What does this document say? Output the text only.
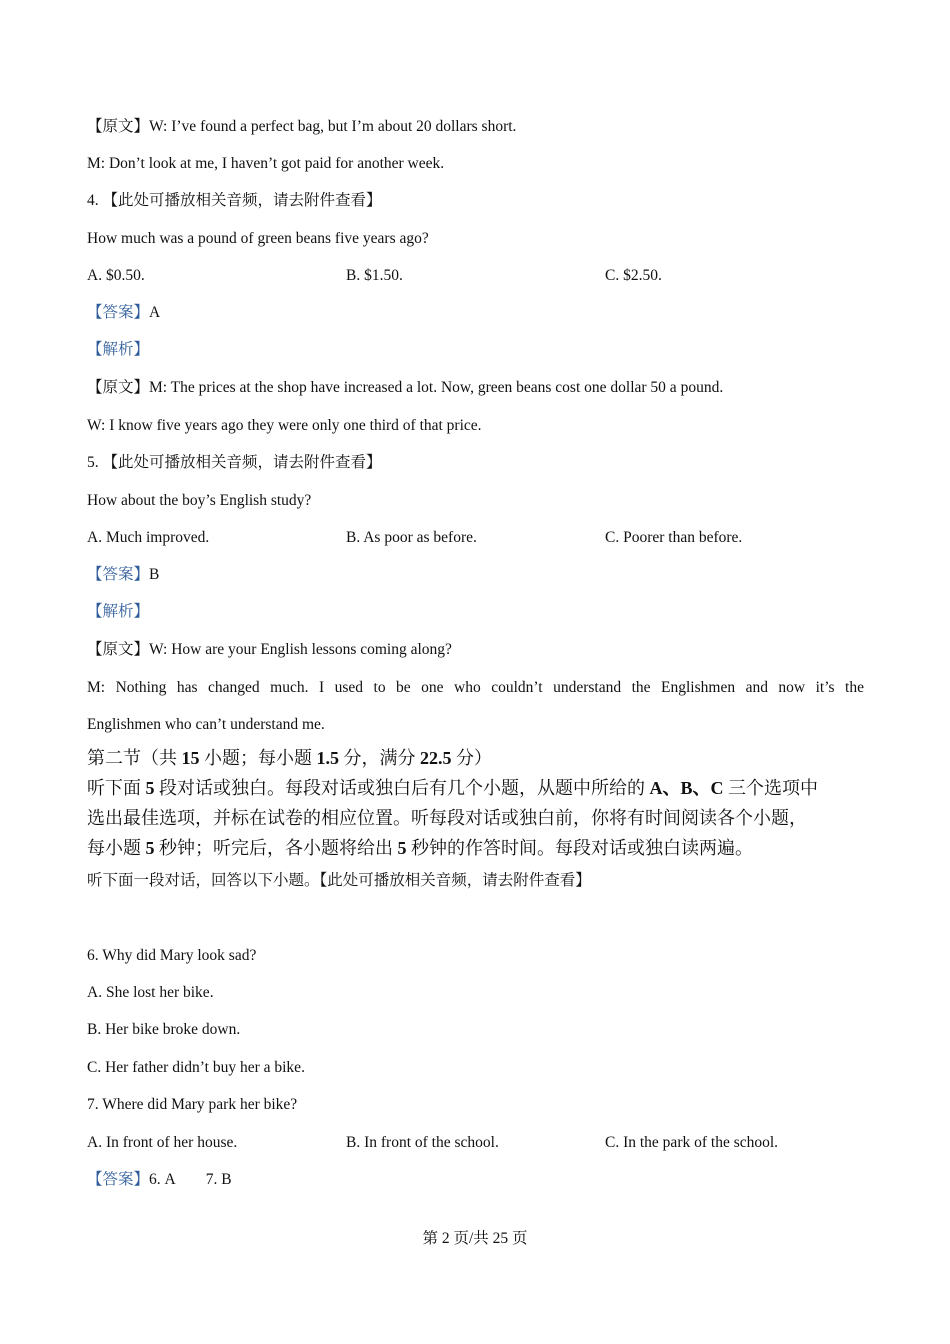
【原文】W: I’ve found a perfect bag, but I’m about 20 dollars short.
M: Don’t look at me, I haven’t got paid for another week.
4. 【此处可播放相关音频，请去附件查看】
How much was a pound of green beans five years ago?
A. $0.50.	B. $1.50.	C. $2.50.
【答案】A
【解析】
【原文】M: The prices at the shop have increased a lot. Now, green beans cost one dollar 50 a pound.
W: I know five years ago they were only one third of that price.
5. 【此处可播放相关音频，请去附件查看】
How about the boy’s English study?
A. Much improved.	B. As poor as before.	C. Poorer than before.
【答案】B
【解析】
【原文】W: How are your English lessons coming along?
M: Nothing has changed much. I used to be one who couldn’t understand the Englishmen and now it’s the
Englishmen who can’t understand me.
第二节（共 15 小题；每小题 1.5 分，满分 22.5 分）
听下面 5 段对话或独白。每段对话或独白后有几个小题，从题中所给的 A、B、C 三个选项中
选出最佳选项，并标在试卷的相应位置。听每段对话或独白前，你将有时间阅读各个小题，
每小题 5 秒钟；听完后，各小题将给出 5 秒钟的作答时间。每段对话或独白读两遍。
听下面一段对话，回答以下小题。【此处可播放相关音频，请去附件查看】
6. Why did Mary look sad?
A. She lost her bike.
B. Her bike broke down.
C. Her father didn’t buy her a bike.
7. Where did Mary park her bike?
A. In front of her house.	B. In front of the school.	C. In the park of the school.
【答案】6. A 7. B
第 2 页/共 25 页
